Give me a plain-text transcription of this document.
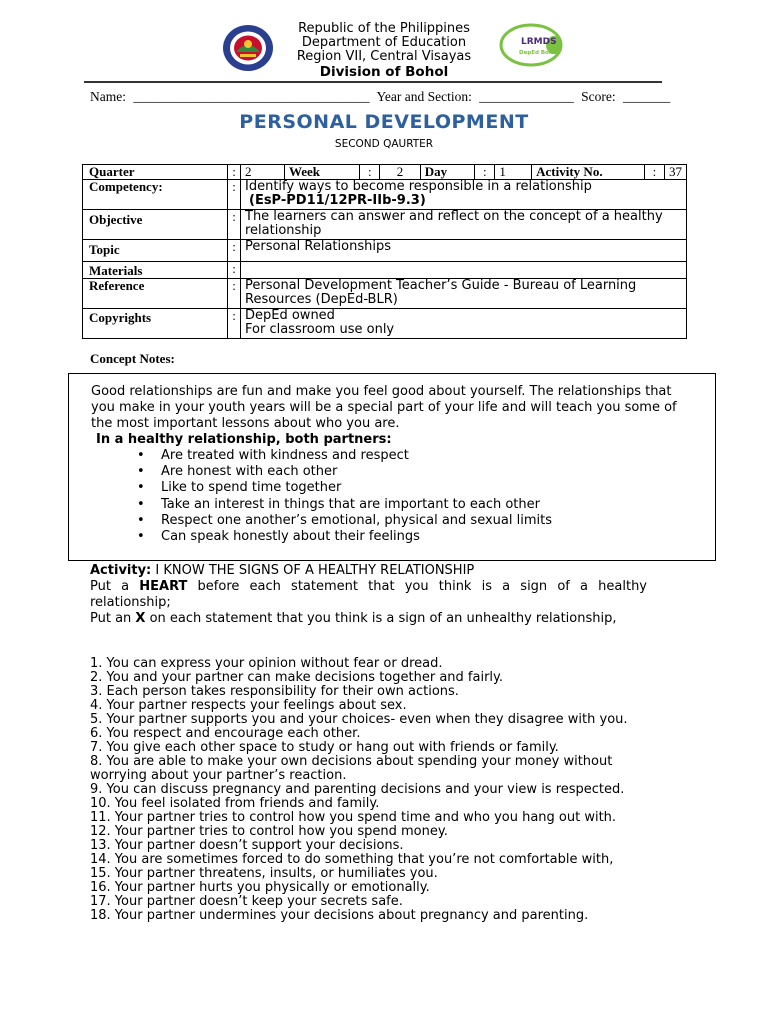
LRMDS
DepEd Bohol
Republic of the Philippines
Department of Education
Region VII, Central Visayas
Division of Bohol
Name: ___________________________________ Year and Section: ______________ Score: _______
PERSONAL DEVELOPMENT
SECOND QAURTER
Quarter	:	2	Week	:	2	Day	:	1	Activity No.	:	37

Competency:	:	Identify ways to become responsible in a relationship
(EsP-PD11/12PR-IIb-9.3)

Objective	:	The learners can answer and reflect on the concept of a healthy relationship
Topic	:	Personal Relationships
Materials	:	
Reference	:	Personal Development Teacher’s Guide - Bureau of Learning Resources (DepEd-BLR)
Copyrights	:	DepEd owned
For classroom use only
Concept Notes:
Good relationships are fun and make you feel good about yourself. The relationships that you make in your youth years will be a special part of your life and will teach you some of the most important lessons about who you are.
In a healthy relationship, both partners:
• Are treated with kindness and respect
• Are honest with each other
• Like to spend time together
• Take an interest in things that are important to each other
• Respect one another’s emotional, physical and sexual limits
• Can speak honestly about their feelings

Activity: I KNOW THE SIGNS OF A HEALTHY RELATIONSHIP

Put a HEART before each statement that you think is a sign of a healthy relationship;

Put an X on each statement that you think is a sign of an unhealthy relationship,

1. You can express your opinion without fear or dread.
2. You and your partner can make decisions together and fairly.
3. Each person takes responsibility for their own actions.
4. Your partner respects your feelings about sex.
5. Your partner supports you and your choices- even when they disagree with you.
6. You respect and encourage each other.
7. You give each other space to study or hang out with friends or family.
8. You are able to make your own decisions about spending your money without worrying about your partner’s reaction.
9. You can discuss pregnancy and parenting decisions and your view is respected.
10. You feel isolated from friends and family.
11. Your partner tries to control how you spend time and who you hang out with.
12. Your partner tries to control how you spend money.
13. Your partner doesn’t support your decisions.
14. You are sometimes forced to do something that you’re not comfortable with,
15. Your partner threatens, insults, or humiliates you.
16. Your partner hurts you physically or emotionally.
17. Your partner doesn’t keep your secrets safe.
18. Your partner undermines your decisions about pregnancy and parenting.
